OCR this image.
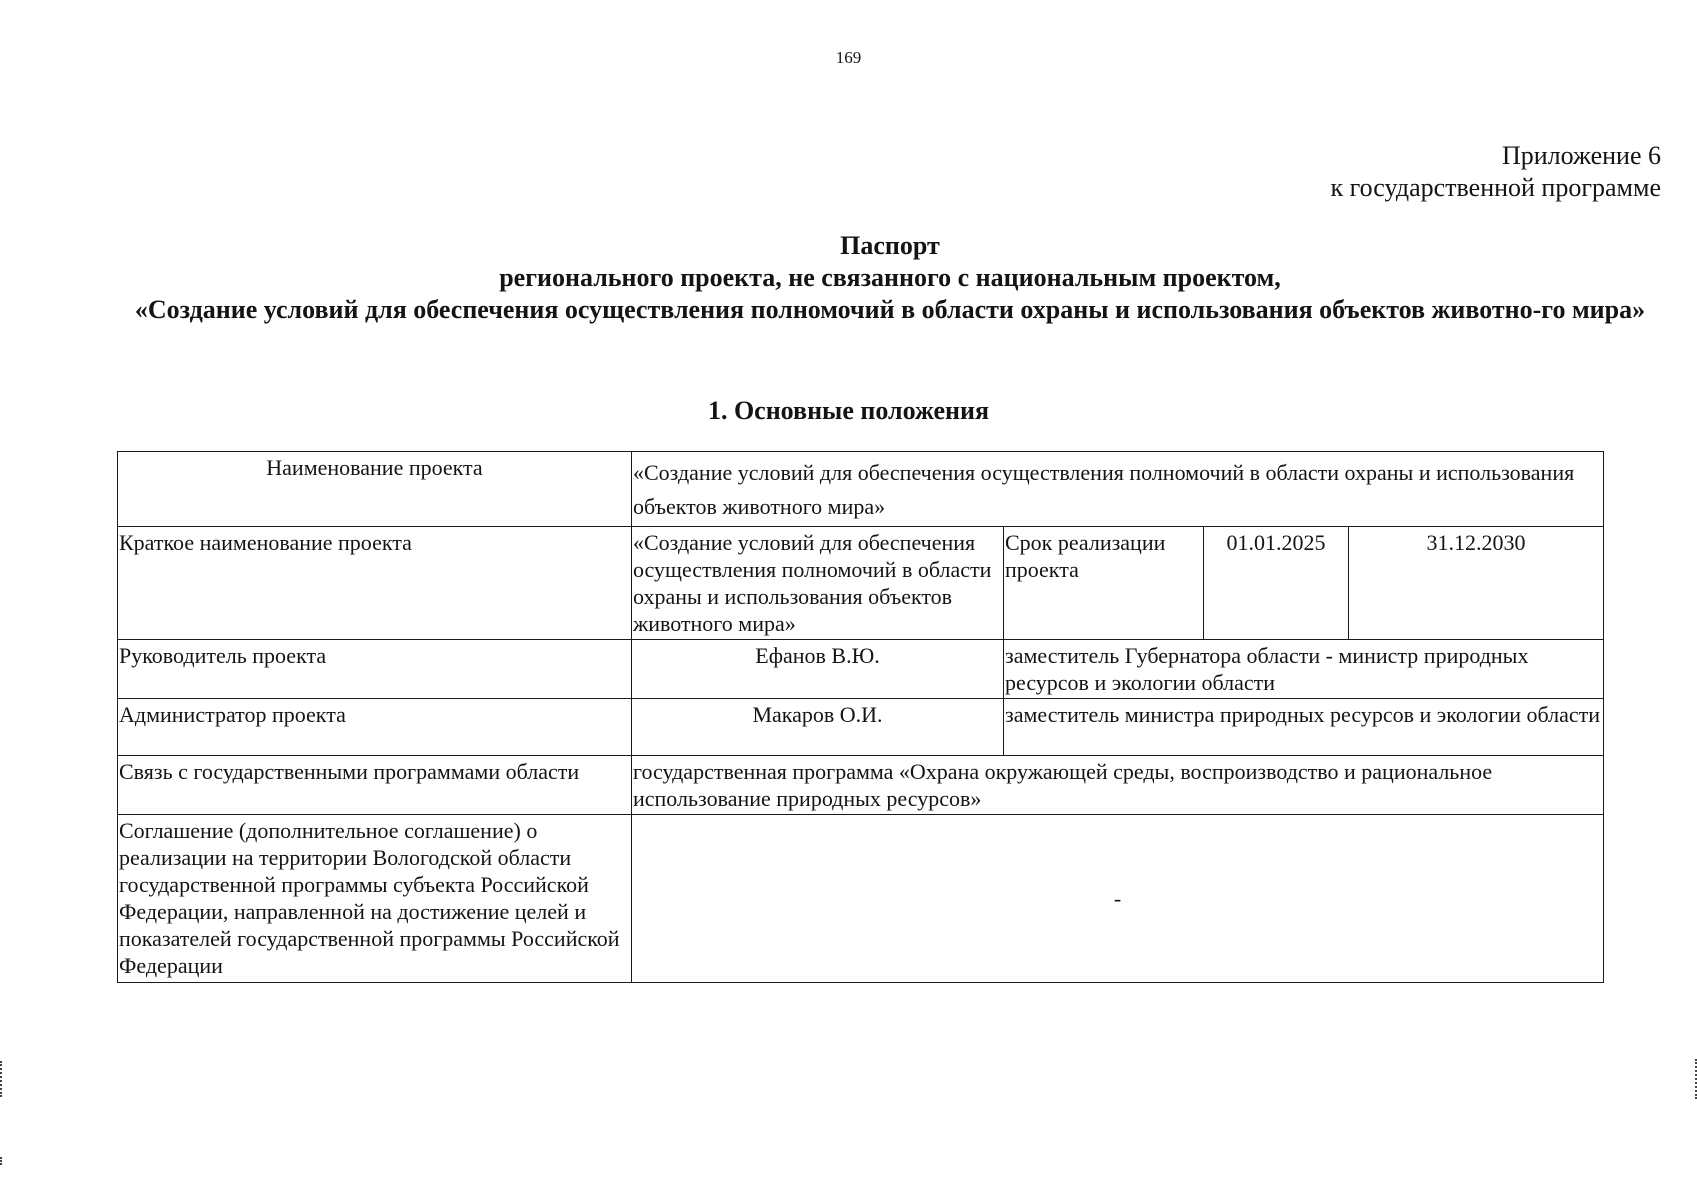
169
Приложение 6
к государственной программе
Паспорт
регионального проекта, не связанного с национальным проектом,
«Создание условий для обеспечения осуществления полномочий в области охраны и использования объектов животно-го мира»
1. Основные положения
Наименование проекта	«Создание условий для обеспечения осуществления полномочий в области охраны и использования объектов животного мира»			
Краткое наименование проекта	«Создание условий для обеспечения осуществления полномочий в области охраны и использования объектов животного мира»	Срок реализации проекта	01.01.2025	31.12.2030
Руководитель проекта	Ефанов В.Ю.	заместитель Губернатора области - министр природных ресурсов и экологии области		
Администратор проекта	Макаров О.И.	заместитель министра природных ресурсов и экологии области		
Связь с государственными программами области	государственная программа «Охрана окружающей среды, воспроизводство и рациональное использование природных ресурсов»			
Соглашение (дополнительное соглашение) о реализации на территории Вологодской области государственной программы субъекта Российской Федерации, направленной на достижение целей и показателей государственной программы Российской Федерации	-			
